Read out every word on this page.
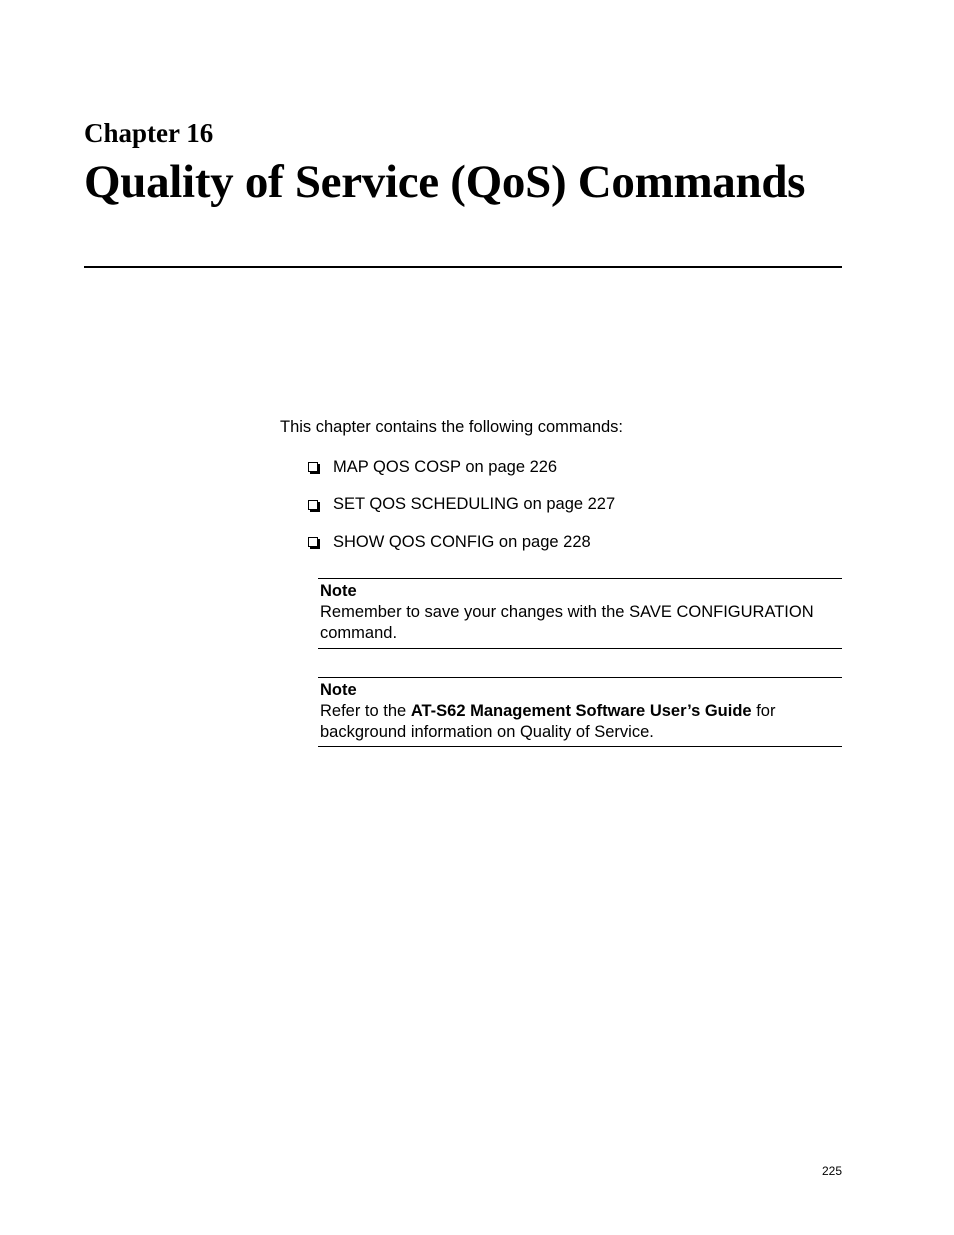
Chapter 16
Quality of Service (QoS) Commands

This chapter contains the following commands:

MAP QOS COSP on page 226
SET QOS SCHEDULING on page 227
SHOW QOS CONFIG on page 228
Note

Remember to save your changes with the SAVE CONFIGURATION command.

Note

Refer to the AT-S62 Management Software User’s Guide for background information on Quality of Service.

225
